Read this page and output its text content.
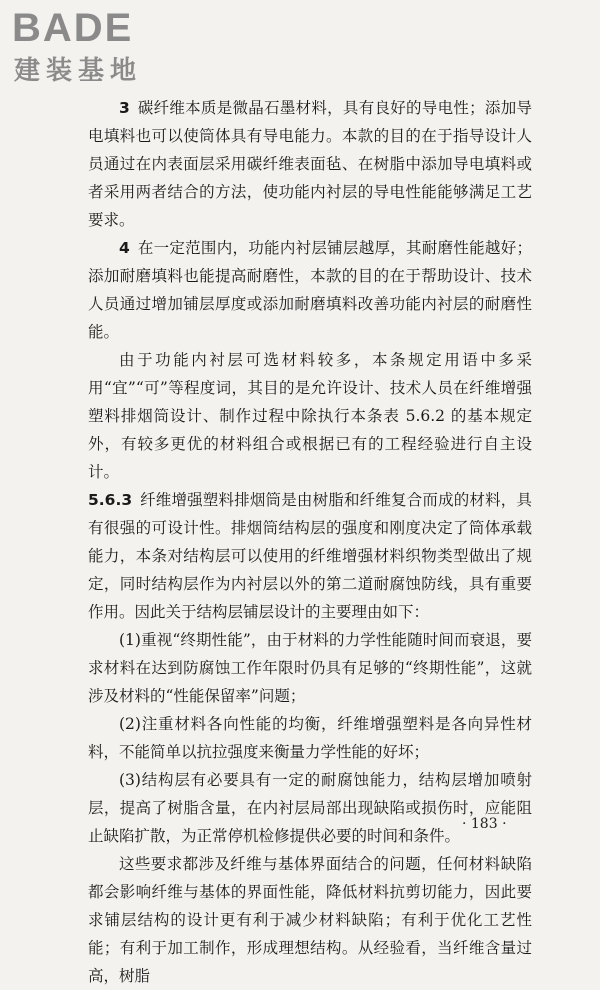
BADE
建装基地

3  碳纤维本质是微晶石墨材料，具有良好的导电性；添加导电填料也可以使筒体具有导电能力。本款的目的在于指导设计人员通过在内表面层采用碳纤维表面毡、在树脂中添加导电填料或者采用两者结合的方法，使功能内衬层的导电性能能够满足工艺要求。

4  在一定范围内，功能内衬层铺层越厚，其耐磨性能越好；添加耐磨填料也能提高耐磨性，本款的目的在于帮助设计、技术人员通过增加铺层厚度或添加耐磨填料改善功能内衬层的耐磨性能。

由于功能内衬层可选材料较多，本条规定用语中多采用“宜”“可”等程度词，其目的是允许设计、技术人员在纤维增强塑料排烟筒设计、制作过程中除执行本条表 5.6.2 的基本规定外，有较多更优的材料组合或根据已有的工程经验进行自主设计。

5.6.3  纤维增强塑料排烟筒是由树脂和纤维复合而成的材料，具有很强的可设计性。排烟筒结构层的强度和刚度决定了筒体承载能力，本条对结构层可以使用的纤维增强材料织物类型做出了规定，同时结构层作为内衬层以外的第二道耐腐蚀防线，具有重要作用。因此关于结构层铺层设计的主要理由如下：

(1)重视“终期性能”，由于材料的力学性能随时间而衰退，要求材料在达到防腐蚀工作年限时仍具有足够的“终期性能”，这就涉及材料的“性能保留率”问题；

(2)注重材料各向性能的均衡，纤维增强塑料是各向异性材料，不能简单以抗拉强度来衡量力学性能的好坏；

(3)结构层有必要具有一定的耐腐蚀能力，结构层增加喷射层，提高了树脂含量，在内衬层局部出现缺陷或损伤时，应能阻止缺陷扩散，为正常停机检修提供必要的时间和条件。

这些要求都涉及纤维与基体界面结合的问题，任何材料缺陷都会影响纤维与基体的界面性能，降低材料抗剪切能力，因此要求铺层结构的设计更有利于减少材料缺陷；有利于优化工艺性能；有利于加工制作，形成理想结构。从经验看，当纤维含量过高，树脂

· 183 ·
